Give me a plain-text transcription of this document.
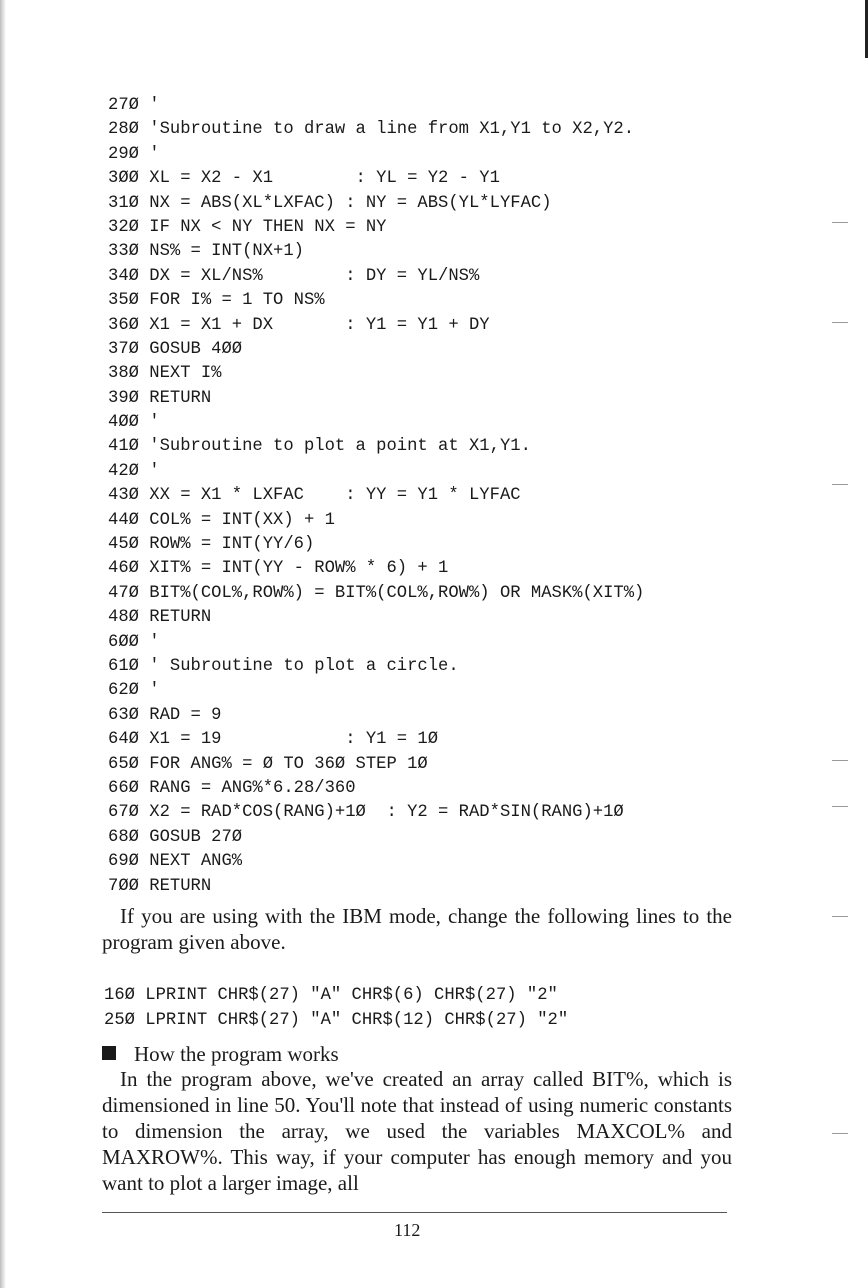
27Ø '
28Ø 'Subroutine to draw a line from X1,Y1 to X2,Y2.
29Ø '
3ØØ XL = X2 - X1        : YL = Y2 - Y1
31Ø NX = ABS(XL*LXFAC) : NY = ABS(YL*LYFAC)
32Ø IF NX < NY THEN NX = NY
33Ø NS% = INT(NX+1)
34Ø DX = XL/NS%        : DY = YL/NS%
35Ø FOR I% = 1 TO NS%
36Ø X1 = X1 + DX       : Y1 = Y1 + DY
37Ø GOSUB 4ØØ
38Ø NEXT I%
39Ø RETURN
4ØØ '
41Ø 'Subroutine to plot a point at X1,Y1.
42Ø '
43Ø XX = X1 * LXFAC    : YY = Y1 * LYFAC
44Ø COL% = INT(XX) + 1
45Ø ROW% = INT(YY/6)
46Ø XIT% = INT(YY - ROW% * 6) + 1
47Ø BIT%(COL%,ROW%) = BIT%(COL%,ROW%) OR MASK%(XIT%)
48Ø RETURN
6ØØ '
61Ø ' Subroutine to plot a circle.
62Ø '
63Ø RAD = 9
64Ø X1 = 19            : Y1 = 1Ø
65Ø FOR ANG% = Ø TO 36Ø STEP 1Ø
66Ø RANG = ANG%*6.28/360
67Ø X2 = RAD*COS(RANG)+1Ø  : Y2 = RAD*SIN(RANG)+1Ø
68Ø GOSUB 27Ø
69Ø NEXT ANG%
7ØØ RETURN

If you are using with the IBM mode, change the following lines to the program given above.

16Ø LPRINT CHR$(27) "A" CHR$(6) CHR$(27) "2"
25Ø LPRINT CHR$(27) "A" CHR$(12) CHR$(27) "2"
How the program works

In the program above, we've created an array called BIT%, which is dimensioned in line 50. You'll note that instead of using numeric constants to dimension the array, we used the variables MAXCOL% and MAXROW%. This way, if your computer has enough memory and you want to plot a larger image, all

112
